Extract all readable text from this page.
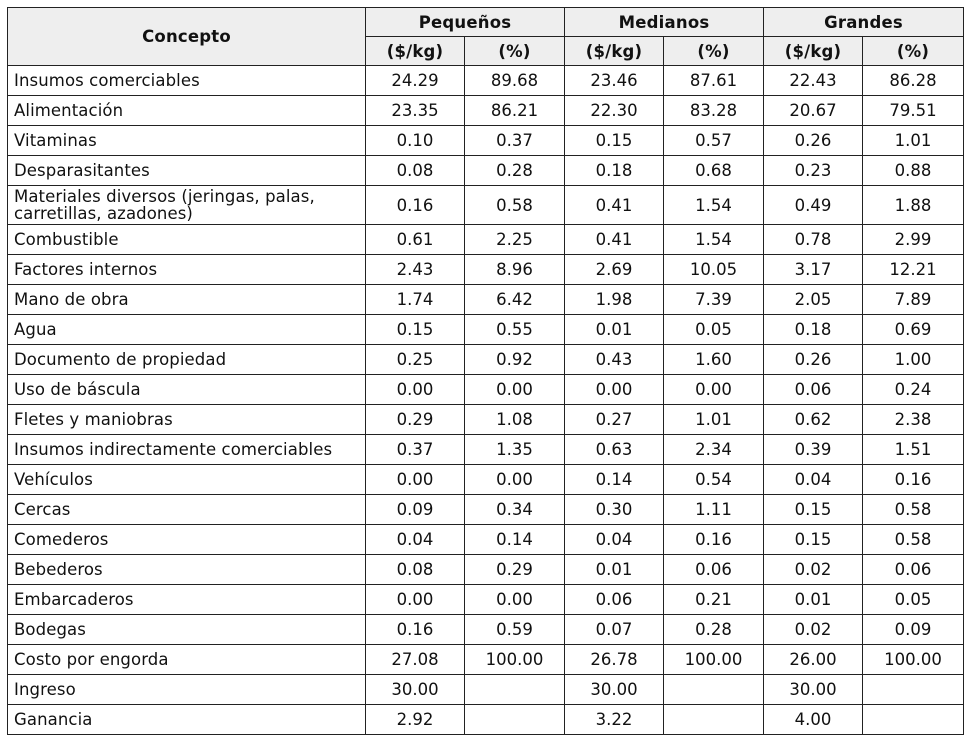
Concepto	Pequeños		Medianos		Grandes	
	($/kg)	(%)	($/kg)	(%)	($/kg)	(%)
Insumos comerciables	24.29	89.68	23.46	87.61	22.43	86.28
Alimentación	23.35	86.21	22.30	83.28	20.67	79.51
Vitaminas	0.10	0.37	0.15	0.57	0.26	1.01
Desparasitantes	0.08	0.28	0.18	0.68	0.23	0.88
Materiales diversos (jeringas, palas, carretillas, azadones)	0.16	0.58	0.41	1.54	0.49	1.88
Combustible	0.61	2.25	0.41	1.54	0.78	2.99
Factores internos	2.43	8.96	2.69	10.05	3.17	12.21
Mano de obra	1.74	6.42	1.98	7.39	2.05	7.89
Agua	0.15	0.55	0.01	0.05	0.18	0.69
Documento de propiedad	0.25	0.92	0.43	1.60	0.26	1.00
Uso de báscula	0.00	0.00	0.00	0.00	0.06	0.24
Fletes y maniobras	0.29	1.08	0.27	1.01	0.62	2.38
Insumos indirectamente comerciables	0.37	1.35	0.63	2.34	0.39	1.51
Vehículos	0.00	0.00	0.14	0.54	0.04	0.16
Cercas	0.09	0.34	0.30	1.11	0.15	0.58
Comederos	0.04	0.14	0.04	0.16	0.15	0.58
Bebederos	0.08	0.29	0.01	0.06	0.02	0.06
Embarcaderos	0.00	0.00	0.06	0.21	0.01	0.05
Bodegas	0.16	0.59	0.07	0.28	0.02	0.09
Costo por engorda	27.08	100.00	26.78	100.00	26.00	100.00
Ingreso	30.00		30.00		30.00	
Ganancia	2.92		3.22		4.00	
